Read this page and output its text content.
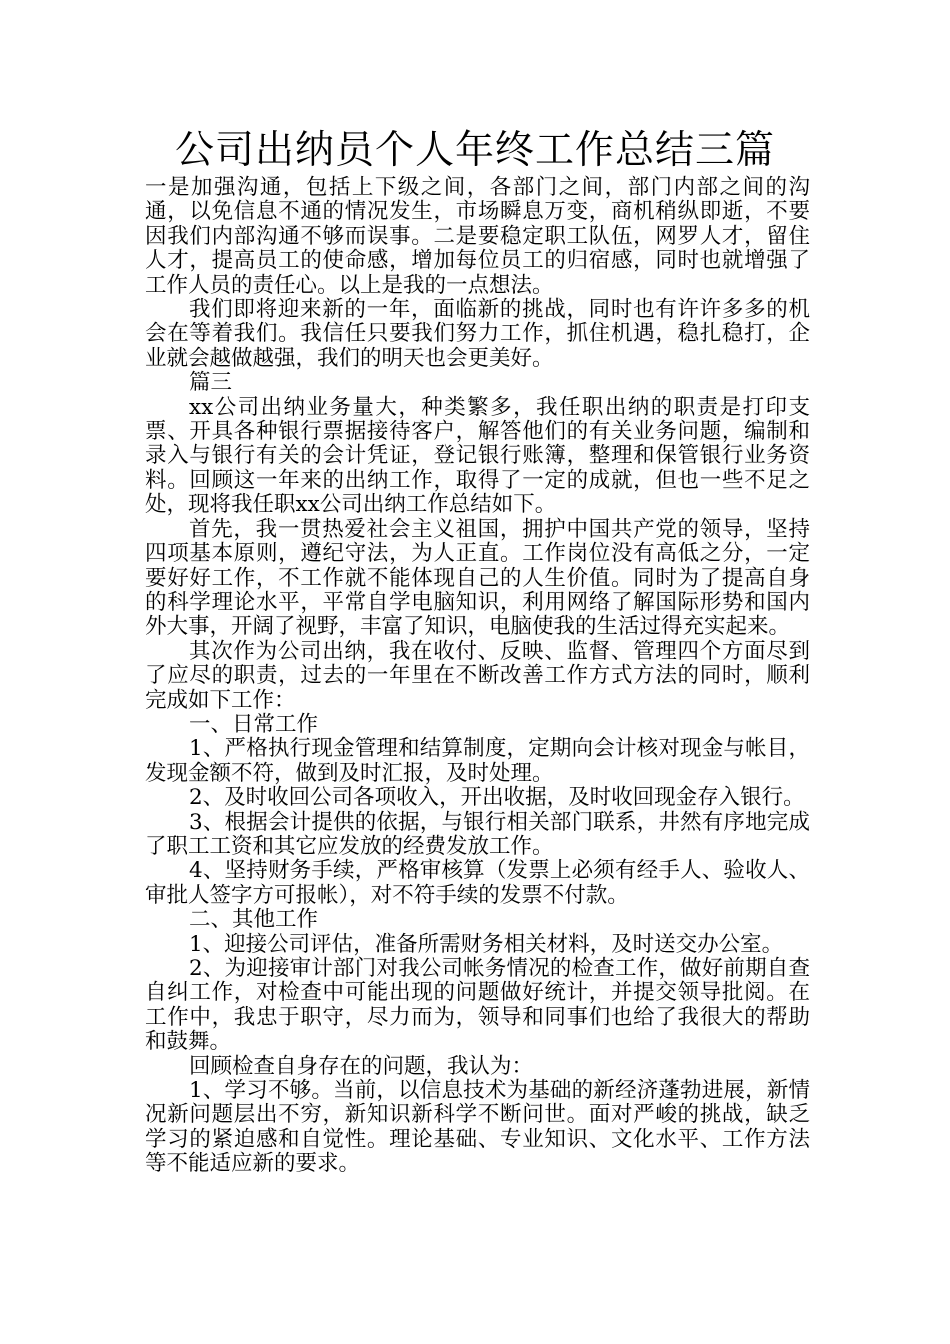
公司出纳员个人年终工作总结三篇

一是加强沟通，包括上下级之间，各部门之间，部门内部之间的沟通，以免信息不通的情况发生，市场瞬息万变，商机稍纵即逝，不要因我们内部沟通不够而误事。二是要稳定职工队伍，网罗人才，留住人才，提高员工的使命感，增加每位员工的归宿感，同时也就增强了工作人员的责任心。以上是我的一点想法。

我们即将迎来新的一年，面临新的挑战，同时也有许许多多的机会在等着我们。我信任只要我们努力工作，抓住机遇，稳扎稳打，企业就会越做越强，我们的明天也会更美好。

篇三

xx公司出纳业务量大，种类繁多，我任职出纳的职责是打印支票、开具各种银行票据接待客户，解答他们的有关业务问题，编制和录入与银行有关的会计凭证，登记银行账簿，整理和保管银行业务资料。回顾这一年来的出纳工作，取得了一定的成就，但也一些不足之处，现将我任职xx公司出纳工作总结如下。

首先，我一贯热爱社会主义祖国，拥护中国共产党的领导，坚持四项基本原则，遵纪守法，为人正直。工作岗位没有高低之分，一定要好好工作，不工作就不能体现自己的人生价值。同时为了提高自身的科学理论水平，平常自学电脑知识，利用网络了解国际形势和国内外大事，开阔了视野，丰富了知识，电脑使我的生活过得充实起来。

其次作为公司出纳，我在收付、反映、监督、管理四个方面尽到了应尽的职责，过去的一年里在不断改善工作方式方法的同时，顺利完成如下工作：

一、日常工作

1、严格执行现金管理和结算制度，定期向会计核对现金与帐目，发现金额不符，做到及时汇报，及时处理。

2、及时收回公司各项收入，开出收据，及时收回现金存入银行。

3、根据会计提供的依据，与银行相关部门联系，井然有序地完成了职工工资和其它应发放的经费发放工作。

4、坚持财务手续，严格审核算（发票上必须有经手人、验收人、审批人签字方可报帐），对不符手续的发票不付款。

二、其他工作

1、迎接公司评估，准备所需财务相关材料，及时送交办公室。

2、为迎接审计部门对我公司帐务情况的检查工作，做好前期自查自纠工作，对检查中可能出现的问题做好统计，并提交领导批阅。在工作中，我忠于职守，尽力而为，领导和同事们也给了我很大的帮助和鼓舞。

回顾检查自身存在的问题，我认为：

1、学习不够。当前，以信息技术为基础的新经济蓬勃进展，新情况新问题层出不穷，新知识新科学不断问世。面对严峻的挑战，缺乏学习的紧迫感和自觉性。理论基础、专业知识、文化水平、工作方法等不能适应新的要求。
